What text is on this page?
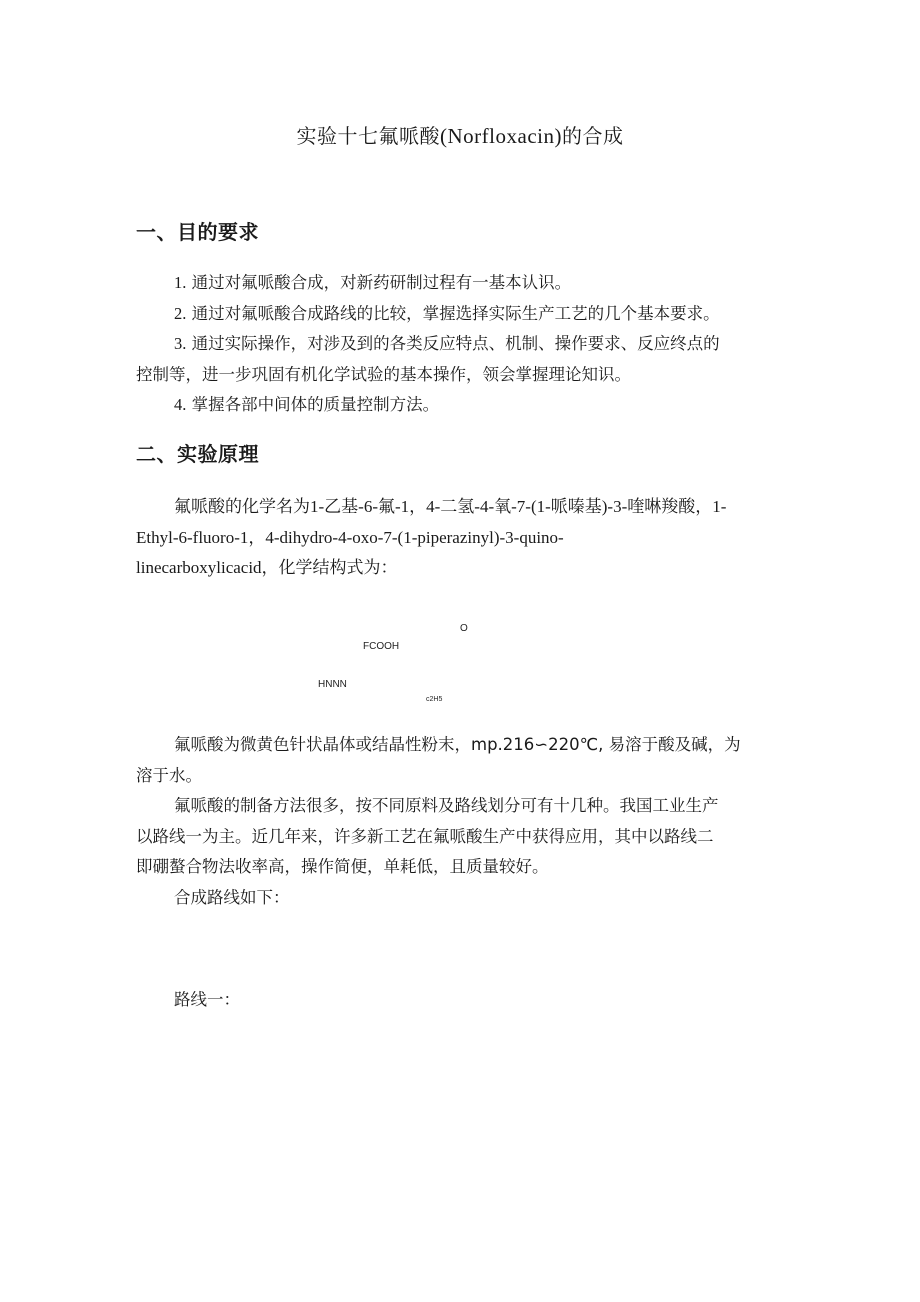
实验十七氟哌酸(Norfloxacin)的合成
一、目的要求
1. 通过对氟哌酸合成，对新药研制过程有一基本认识。
2. 通过对氟哌酸合成路线的比较，掌握选择实际生产工艺的几个基本要求。
3. 通过实际操作，对涉及到的各类反应特点、机制、操作要求、反应终点的
控制等，进一步巩固有机化学试验的基本操作，领会掌握理论知识。
4. 掌握各部中间体的质量控制方法。
二、实验原理
氟哌酸的化学名为1-乙基-6-氟-1，4-二氢-4-氧-7-(1-哌嗪基)-3-喹啉羧酸，1-
Ethyl-6-fluoro-1，4-dihydro-4-oxo-7-(1-piperazinyl)-3-quino-
linecarboxylicacid，化学结构式为：
O
FCOOH
HNNN
c2H5
氟哌酸为微黄色针状晶体或结晶性粉末，mp.216∽220℃, 易溶于酸及碱，为
溶于水。
氟哌酸的制备方法很多，按不同原料及路线划分可有十几种。我国工业生产
以路线一为主。近几年来，许多新工艺在氟哌酸生产中获得应用，其中以路线二
即硼螯合物法收率高，操作简便，单耗低，且质量较好。
合成路线如下：
路线一：
